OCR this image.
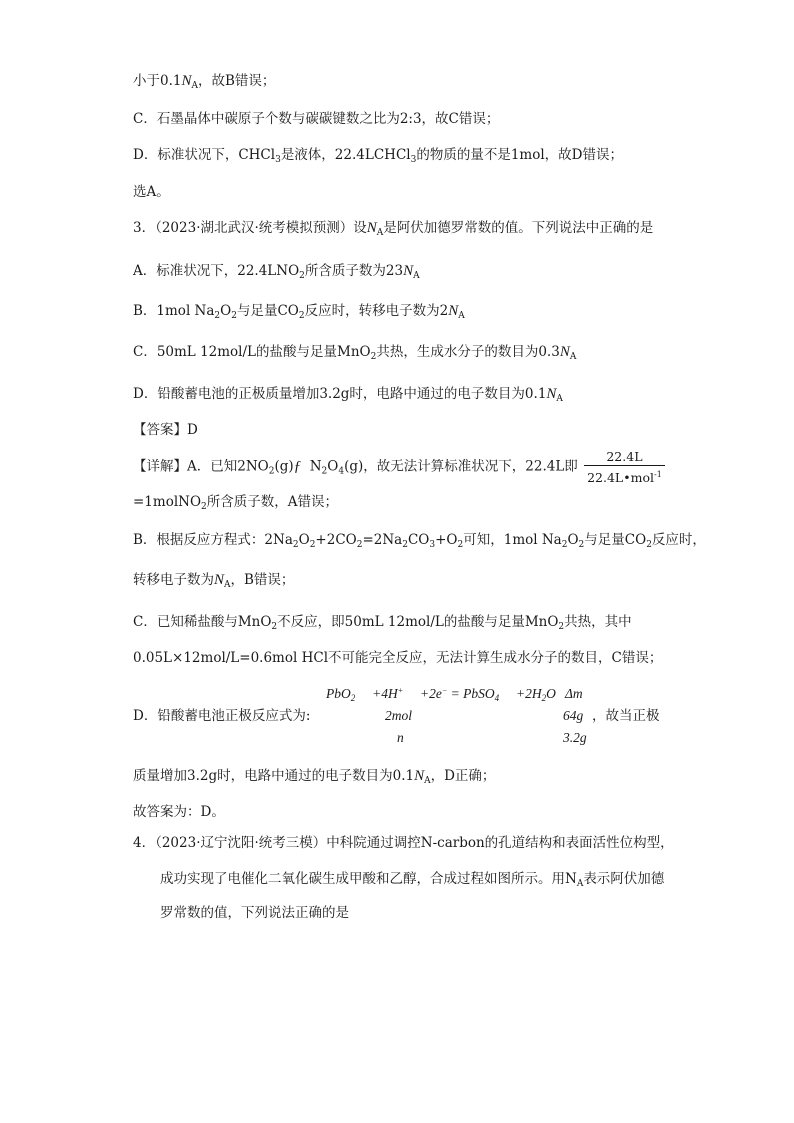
小于$0.1N_A$，故B错误；
C．石墨晶体中碳原子个数与碳碳键数之比为2:3，故C错误；
D．标准状况下，CHCl$_3$是液体，22.4LCHCl$_3$的物质的量不是1mol，故D错误；
选A。
3．（2023·湖北武汉·统考模拟预测）设$N_A$是阿伏加德罗常数的值。下列说法中正确的是
A．标准状况下，$22.4LNO_2$所含质子数为$23N_A$
B．1mol $Na_2O_2$与足量$CO_2$反应时，转移电子数为$2N_A$
C．50mL 12mol/L的盐酸与足量MnO$_2$共热，生成水分子的数目为$0.3N_A$
D．铅酸蓄电池的正极质量增加3.2g时，电路中通过的电子数目为$0.1N_A$
【答案】D
【详解】A．已知$2NO_2(g)ƒ$ $N_2O_4(g)$，故无法计算标准状况下，22.4L即 $\frac{22.4L}{22.4L•mol^{-1}}$
=1molNO$_2$所含质子数，A错误；
B．根据反应方程式：$2Na_2O_2+2CO_2=2Na_2CO_3+O_2$可知，1mol $Na_2O_2$与足量$CO_2$反应时，
转移电子数为$N_A$，B错误；
C．已知稀盐酸与MnO$_2$不反应，即50mL 12mol/L的盐酸与足量MnO$_2$共热，其中
0.05L×12mol/L=0.6mol HCl不可能完全反应，无法计算生成水分子的数目，C错误；
D．铅酸蓄电池正极反应式为:
PbO$_2$ +4H+ +2e− = PbSO$_4$ $+2H_2O$ Δm
2mol	64g
n	3.2g
，故当正极
质量增加3.2g时，电路中通过的电子数目为$0.1N_A$，D正确；
故答案为：D。
4．（2023·辽宁沈阳·统考三模）中科院通过调控N-carbon的孔道结构和表面活性位构型，
成功实现了电催化二氧化碳生成甲酸和乙醇，合成过程如图所示。用$N_A$表示阿伏加德
罗常数的值，下列说法正确的是
